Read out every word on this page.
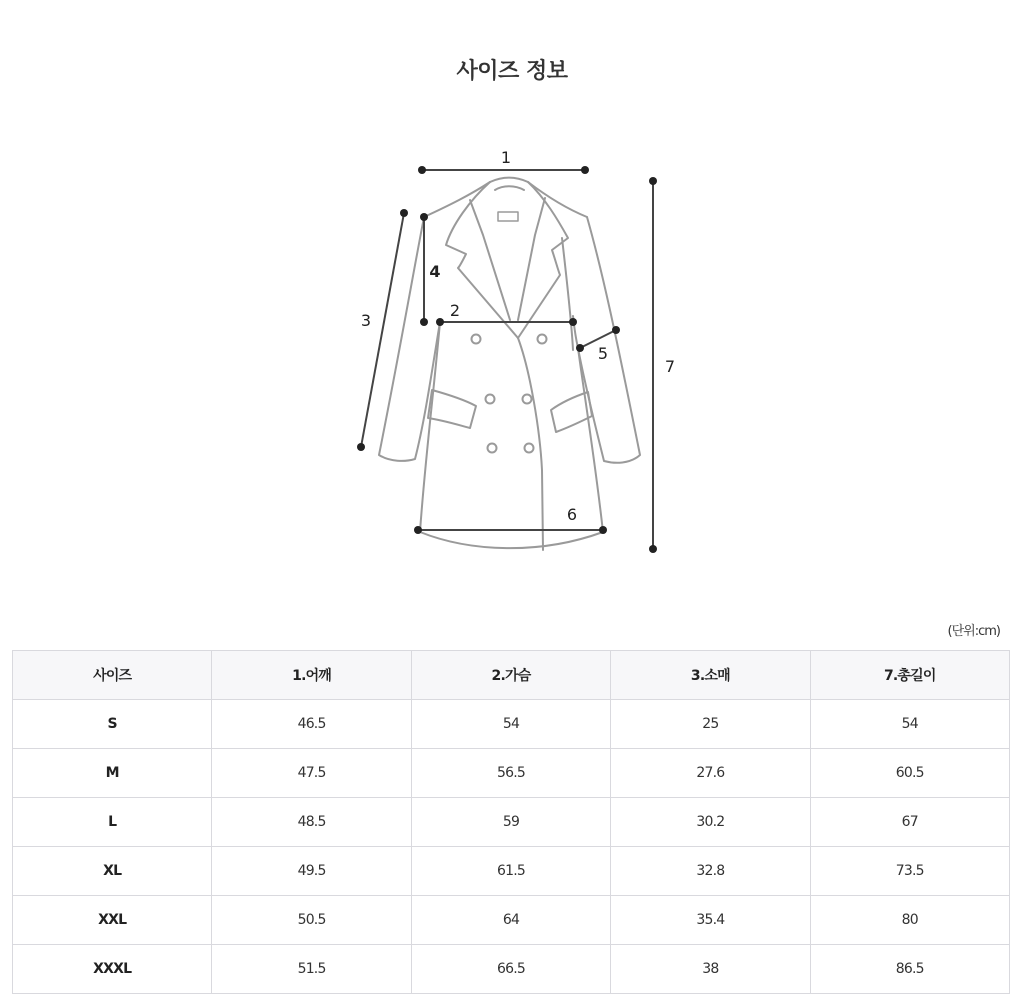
사이즈 정보
1
2
3
4
5
6
7
(단위:cm)
사이즈	1.어깨	2.가슴	3.소매	7.총길이
S	46.5	54	25	54
M	47.5	56.5	27.6	60.5
L	48.5	59	30.2	67
XL	49.5	61.5	32.8	73.5
XXL	50.5	64	35.4	80
XXXL	51.5	66.5	38	86.5
